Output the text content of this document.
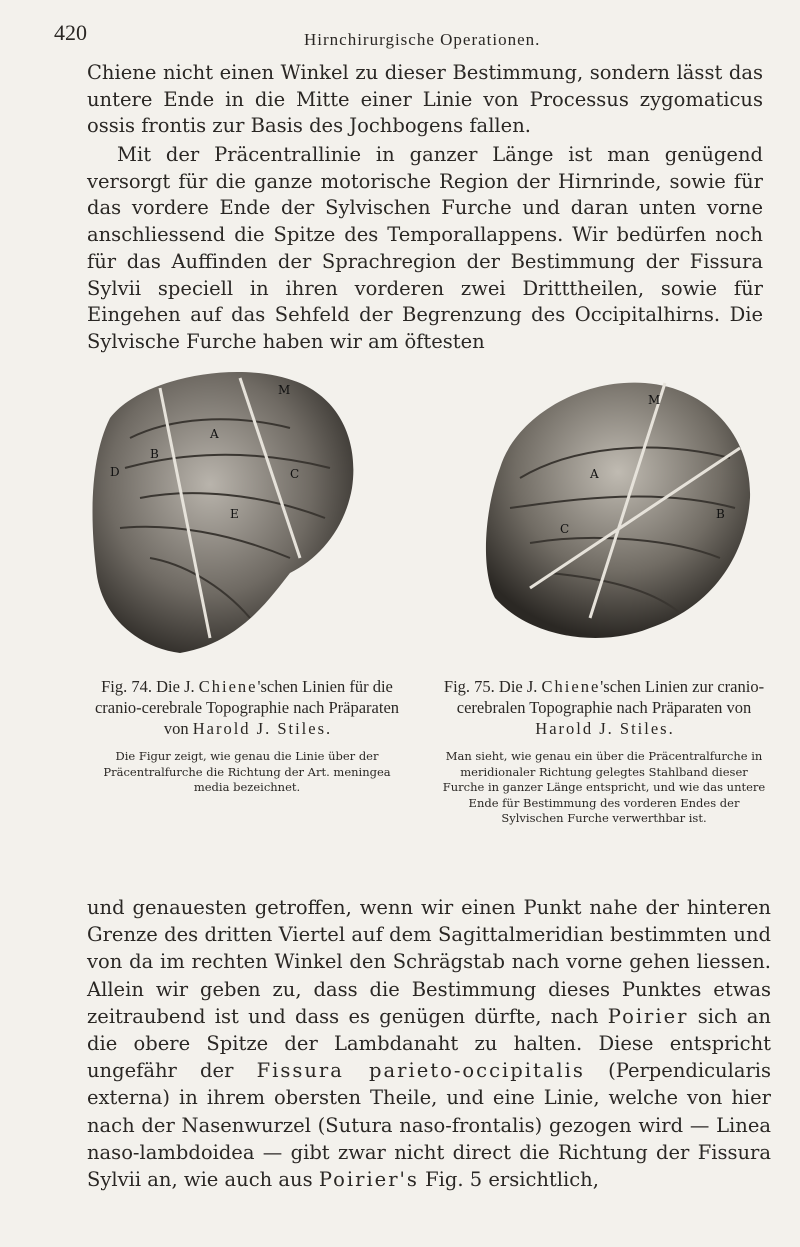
420	Hirnchirurgische Operationen.

Chiene nicht einen Winkel zu dieser Bestimmung, sondern lässt das untere Ende in die Mitte einer Linie von Processus zygomaticus ossis frontis zur Basis des Jochbogens fallen.

Mit der Präcentrallinie in ganzer Länge ist man genügend versorgt für die ganze motorische Region der Hirnrinde, sowie für das vordere Ende der Sylvischen Furche und daran unten vorne anschliessend die Spitze des Temporallappens. Wir bedürfen noch für das Auffinden der Sprachregion der Bestimmung der Fissura Sylvii speciell in ihren vorderen zwei Dritttheilen, sowie für Eingehen auf das Sehfeld der Begrenzung des Occipitalhirns. Die Sylvische Furche haben wir am öftesten

M
A
B
C
D
E
M
A
B
C

Fig. 74. Die J. Chiene'schen Linien für die cranio-cerebrale Topographie nach Präparaten von Harold J. Stiles.

Die Figur zeigt, wie genau die Linie über der Präcentralfurche die Richtung der Art. meningea media bezeichnet.

Fig. 75. Die J. Chiene'schen Linien zur cranio-cerebralen Topographie nach Präparaten von Harold J. Stiles.

Man sieht, wie genau ein über die Präcentralfurche in meridionaler Richtung gelegtes Stahlband dieser Furche in ganzer Länge entspricht, und wie das untere Ende für Bestimmung des vorderen Endes der Sylvischen Furche verwerthbar ist.

und genauesten getroffen, wenn wir einen Punkt nahe der hinteren Grenze des dritten Viertel auf dem Sagittalmeridian bestimmten und von da im rechten Winkel den Schrägstab nach vorne gehen liessen. Allein wir geben zu, dass die Bestimmung dieses Punktes etwas zeitraubend ist und dass es genügen dürfte, nach Poirier sich an die obere Spitze der Lambdanaht zu halten. Diese entspricht ungefähr der Fissura parieto-occipitalis (Perpendicularis externa) in ihrem obersten Theile, und eine Linie, welche von hier nach der Nasenwurzel (Sutura naso-frontalis) gezogen wird — Linea naso-lambdoidea — gibt zwar nicht direct die Richtung der Fissura Sylvii an, wie auch aus Poirier's Fig. 5 ersichtlich,
